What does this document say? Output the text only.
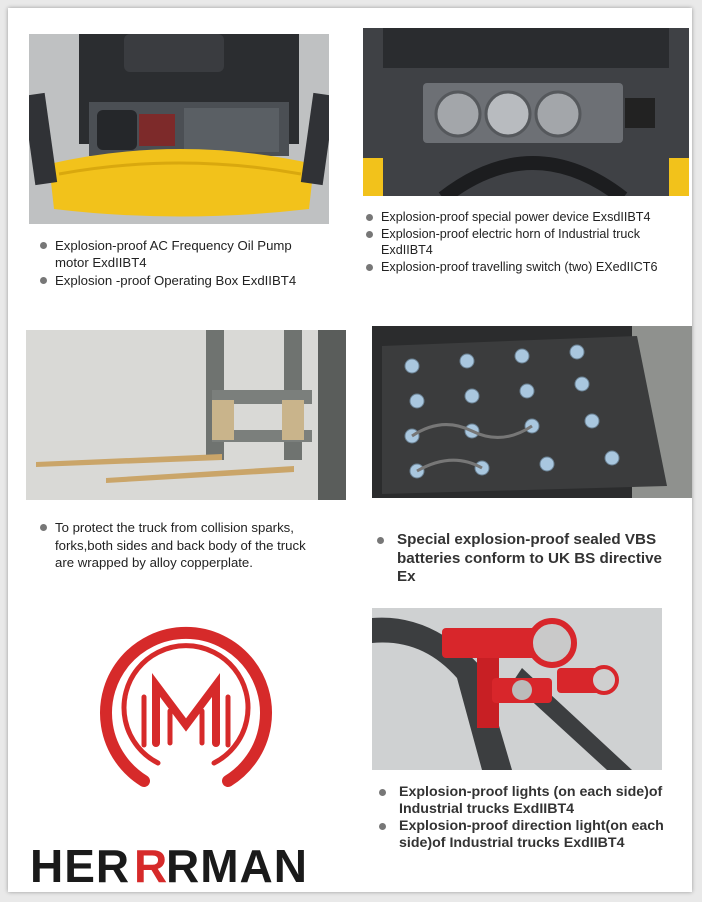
Explosion-proof AC Frequency Oil Pump motor ExdIIBT4
Explosion -proof Operating Box ExdIIBT4
Explosion-proof special power device ExsdIIBT4
Explosion-proof electric horn of Industrial truck ExdIIBT4
Explosion-proof travelling switch (two) EXedIICT6
To protect the truck from collision sparks, forks,both sides and back body of the truck are wrapped by alloy copperplate.
Special explosion-proof sealed VBS batteries conform to UK BS directive Ex
Explosion-proof lights (on each side)of Industrial trucks ExdIIBT4
Explosion-proof direction light(on each side)of Industrial trucks ExdIIBT4
HER R
RMAN
